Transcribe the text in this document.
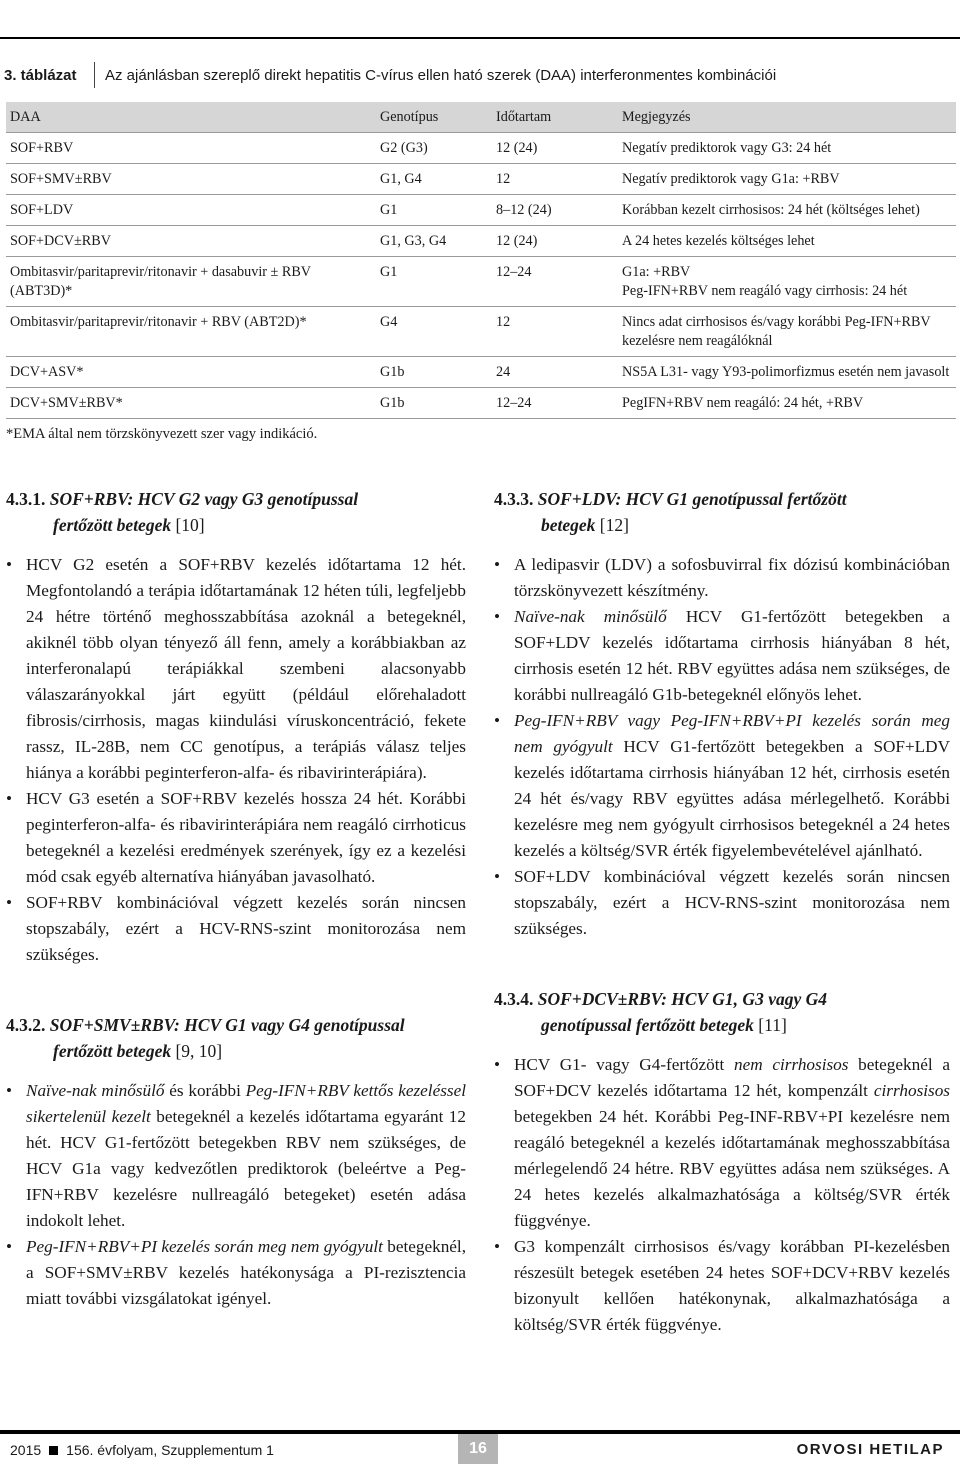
3. táblázat	Az ajánlásban szereplő direkt hepatitis C-vírus ellen ható szerek (DAA) interferonmentes kombinációi
DAA	Genotípus	Időtartam	Megjegyzés
SOF+RBV	G2 (G3)	12 (24)	Negatív prediktorok vagy G3: 24 hét
SOF+SMV±RBV	G1, G4	12	Negatív prediktorok vagy G1a: +RBV
SOF+LDV	G1	8–12 (24)	Korábban kezelt cirrhosisos: 24 hét (költséges lehet)
SOF+DCV±RBV	G1, G3, G4	12 (24)	A 24 hetes kezelés költséges lehet
Ombitasvir/paritaprevir/ritonavir + dasabuvir ± RBV (ABT3D)*	G1	12–24	G1a: +RBV
Peg-IFN+RBV nem reagáló vagy cirrhosis: 24 hét
Ombitasvir/paritaprevir/ritonavir + RBV (ABT2D)*	G4	12	Nincs adat cirrhosisos és/vagy korábbi Peg-IFN+RBV kezelésre nem reagálóknál
DCV+ASV*	G1b	24	NS5A L31- vagy Y93-polimorfizmus esetén nem javasolt
DCV+SMV±RBV*	G1b	12–24	PegIFN+RBV nem reagáló: 24 hét, +RBV
*EMA által nem törzskönyvezett szer vagy indikáció.
4.3.1. SOF+RBV: HCV G2 vagy G3 genotípussal
fertőzött betegek [10]
• HCV G2 esetén a SOF+RBV kezelés időtartama 12 hét. Megfontolandó a terápia időtartamának 12 héten túli, legfeljebb 24 hétre történő meghosszabbítása azoknál a betegeknél, akiknél több olyan tényező áll fenn, amely a korábbiakban az interferonalapú terápiákkal szembeni alacsonyabb válaszarányokkal járt együtt (például előrehaladott fibrosis/cirrhosis, magas kiindulási víruskoncentráció, fekete rassz, IL-28B, nem CC genotípus, a terápiás válasz teljes hiánya a korábbi peginterferon-alfa- és ribavirinterápiára).
• HCV G3 esetén a SOF+RBV kezelés hossza 24 hét. Korábbi peginterferon-alfa- és ribavirinterápiára nem reagáló cirrhoticus betegeknél a kezelési eredmények szerények, így ez a kezelési mód csak egyéb alternatíva hiányában javasolható.
• SOF+RBV kombinációval végzett kezelés során nincsen stopszabály, ezért a HCV-RNS-szint monitorozása nem szükséges.
4.3.2. SOF+SMV±RBV: HCV G1 vagy G4 genotípussal
fertőzött betegek [9, 10]
• Naïve-nak minősülő és korábbi Peg-IFN+RBV kettős kezeléssel sikertelenül kezelt betegeknél a kezelés időtartama egyaránt 12 hét. HCV G1-fertőzött betegekben RBV nem szükséges, de HCV G1a vagy kedvezőtlen prediktorok (beleértve a Peg-IFN+RBV kezelésre nullreagáló betegeket) esetén adása indokolt lehet.
• Peg-IFN+RBV+PI kezelés során meg nem gyógyult betegeknél, a SOF+SMV±RBV kezelés hatékonysága a PI-rezisztencia miatt további vizsgálatokat igényel.
4.3.3. SOF+LDV: HCV G1 genotípussal fertőzött
betegek [12]
• A ledipasvir (LDV) a sofosbuvirral fix dózisú kombinációban törzskönyvezett készítmény.
• Naïve-nak minősülő HCV G1-fertőzött betegekben a SOF+LDV kezelés időtartama cirrhosis hiányában 8 hét, cirrhosis esetén 12 hét. RBV együttes adása nem szükséges, de korábbi nullreagáló G1b-betegeknél előnyös lehet.
• Peg-IFN+RBV vagy Peg-IFN+RBV+PI kezelés során meg nem gyógyult HCV G1-fertőzött betegekben a SOF+LDV kezelés időtartama cirrhosis hiányában 12 hét, cirrhosis esetén 24 hét és/vagy RBV együttes adása mérlegelhető. Korábbi kezelésre meg nem gyógyult cirrhosisos betegeknél a 24 hetes kezelés a költség/SVR érték figyelembevételével ajánlható.
• SOF+LDV kombinációval végzett kezelés során nincsen stopszabály, ezért a HCV-RNS-szint monitorozása nem szükséges.
4.3.4. SOF+DCV±RBV: HCV G1, G3 vagy G4
genotípussal fertőzött betegek [11]
• HCV G1- vagy G4-fertőzött nem cirrhosisos betegeknél a SOF+DCV kezelés időtartama 12 hét, kompenzált cirrhosisos betegekben 24 hét. Korábbi Peg-INF-RBV+PI kezelésre nem reagáló betegeknél a kezelés időtartamának meghosszabbítása mérlegelendő 24 hétre. RBV együttes adása nem szükséges. A 24 hetes kezelés alkalmazhatósága a költség/SVR érték függvénye.
• G3 kompenzált cirrhosisos és/vagy korábban PI-kezelésben részesült betegek esetében 24 hetes SOF+DCV+RBV kezelés bizonyult kellően hatékonynak, alkalmazhatósága a költség/SVR érték függvénye.
2015 156. évfolyam, Szupplementum 1	16	ORVOSI HETILAP
